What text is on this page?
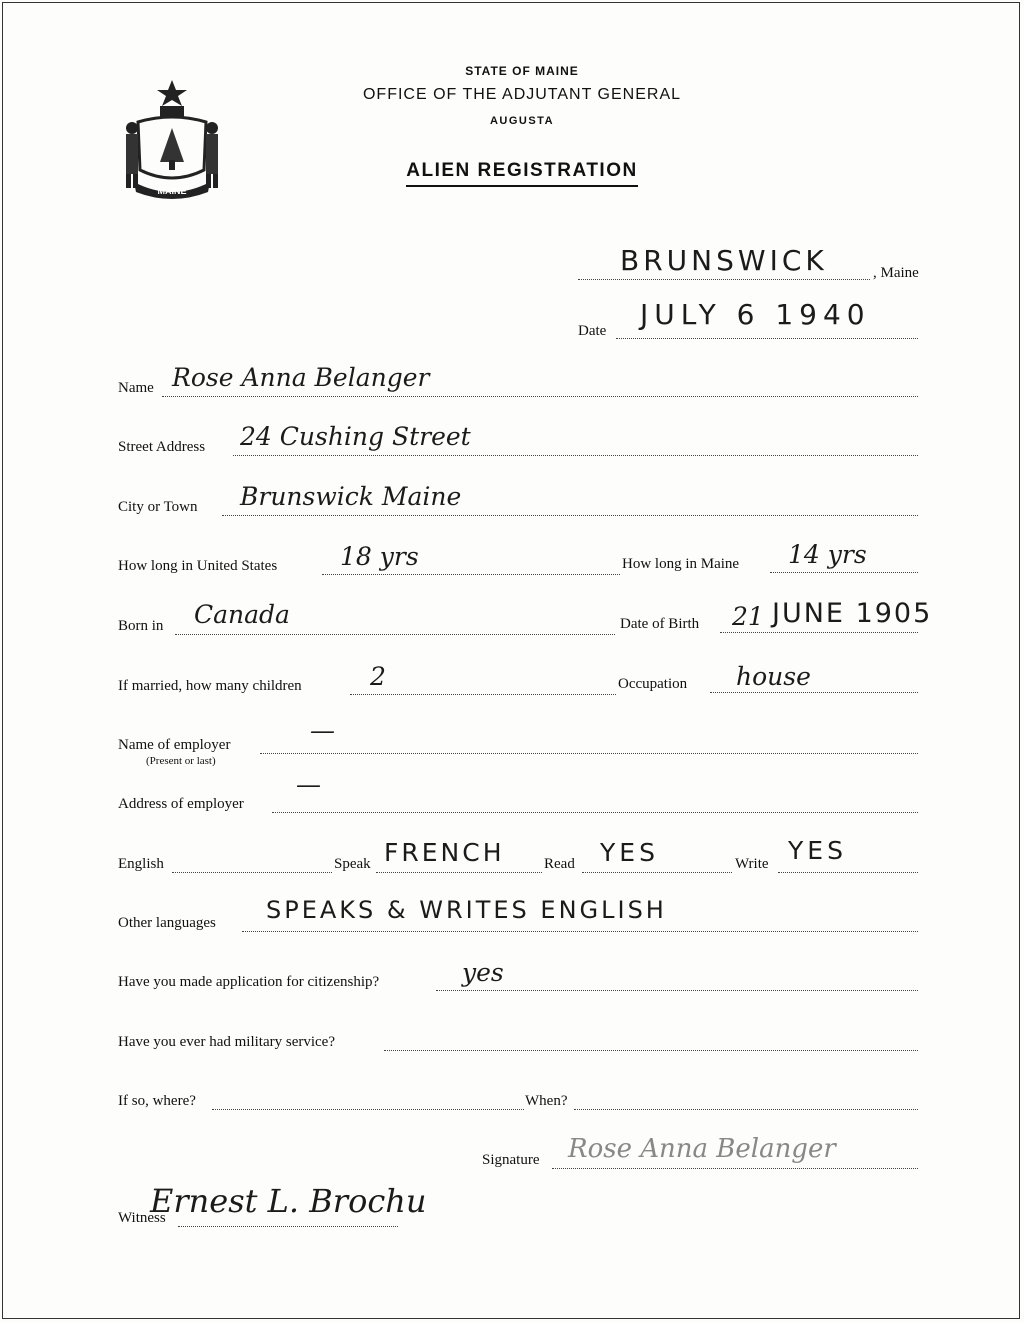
MAINE
STATE OF MAINE
OFFICE OF THE ADJUTANT GENERAL
AUGUSTA
ALIEN REGISTRATION
BRUNSWICK	, Maine
Date JULY 6 1940
Name Rose Anna Belanger
Street Address 24 Cushing Street
City or Town Brunswick Maine
How long in United States	18 yrs	How long in Maine 14 yrs
Born in Canada	Date of Birth 21 JUNE 1905
If married, how many children	2	Occupation house
Name of employer
(Present or last)
—
Address of employer
—
English	Speak FRENCH	Read YES	Write YES
Other languages SPEAKS & WRITES ENGLISH
Have you made application for citizenship?	yes
Have you ever had military service?
If so, where?	When?
Signature Rose Anna Belanger
Witness
Ernest L. Brochu
